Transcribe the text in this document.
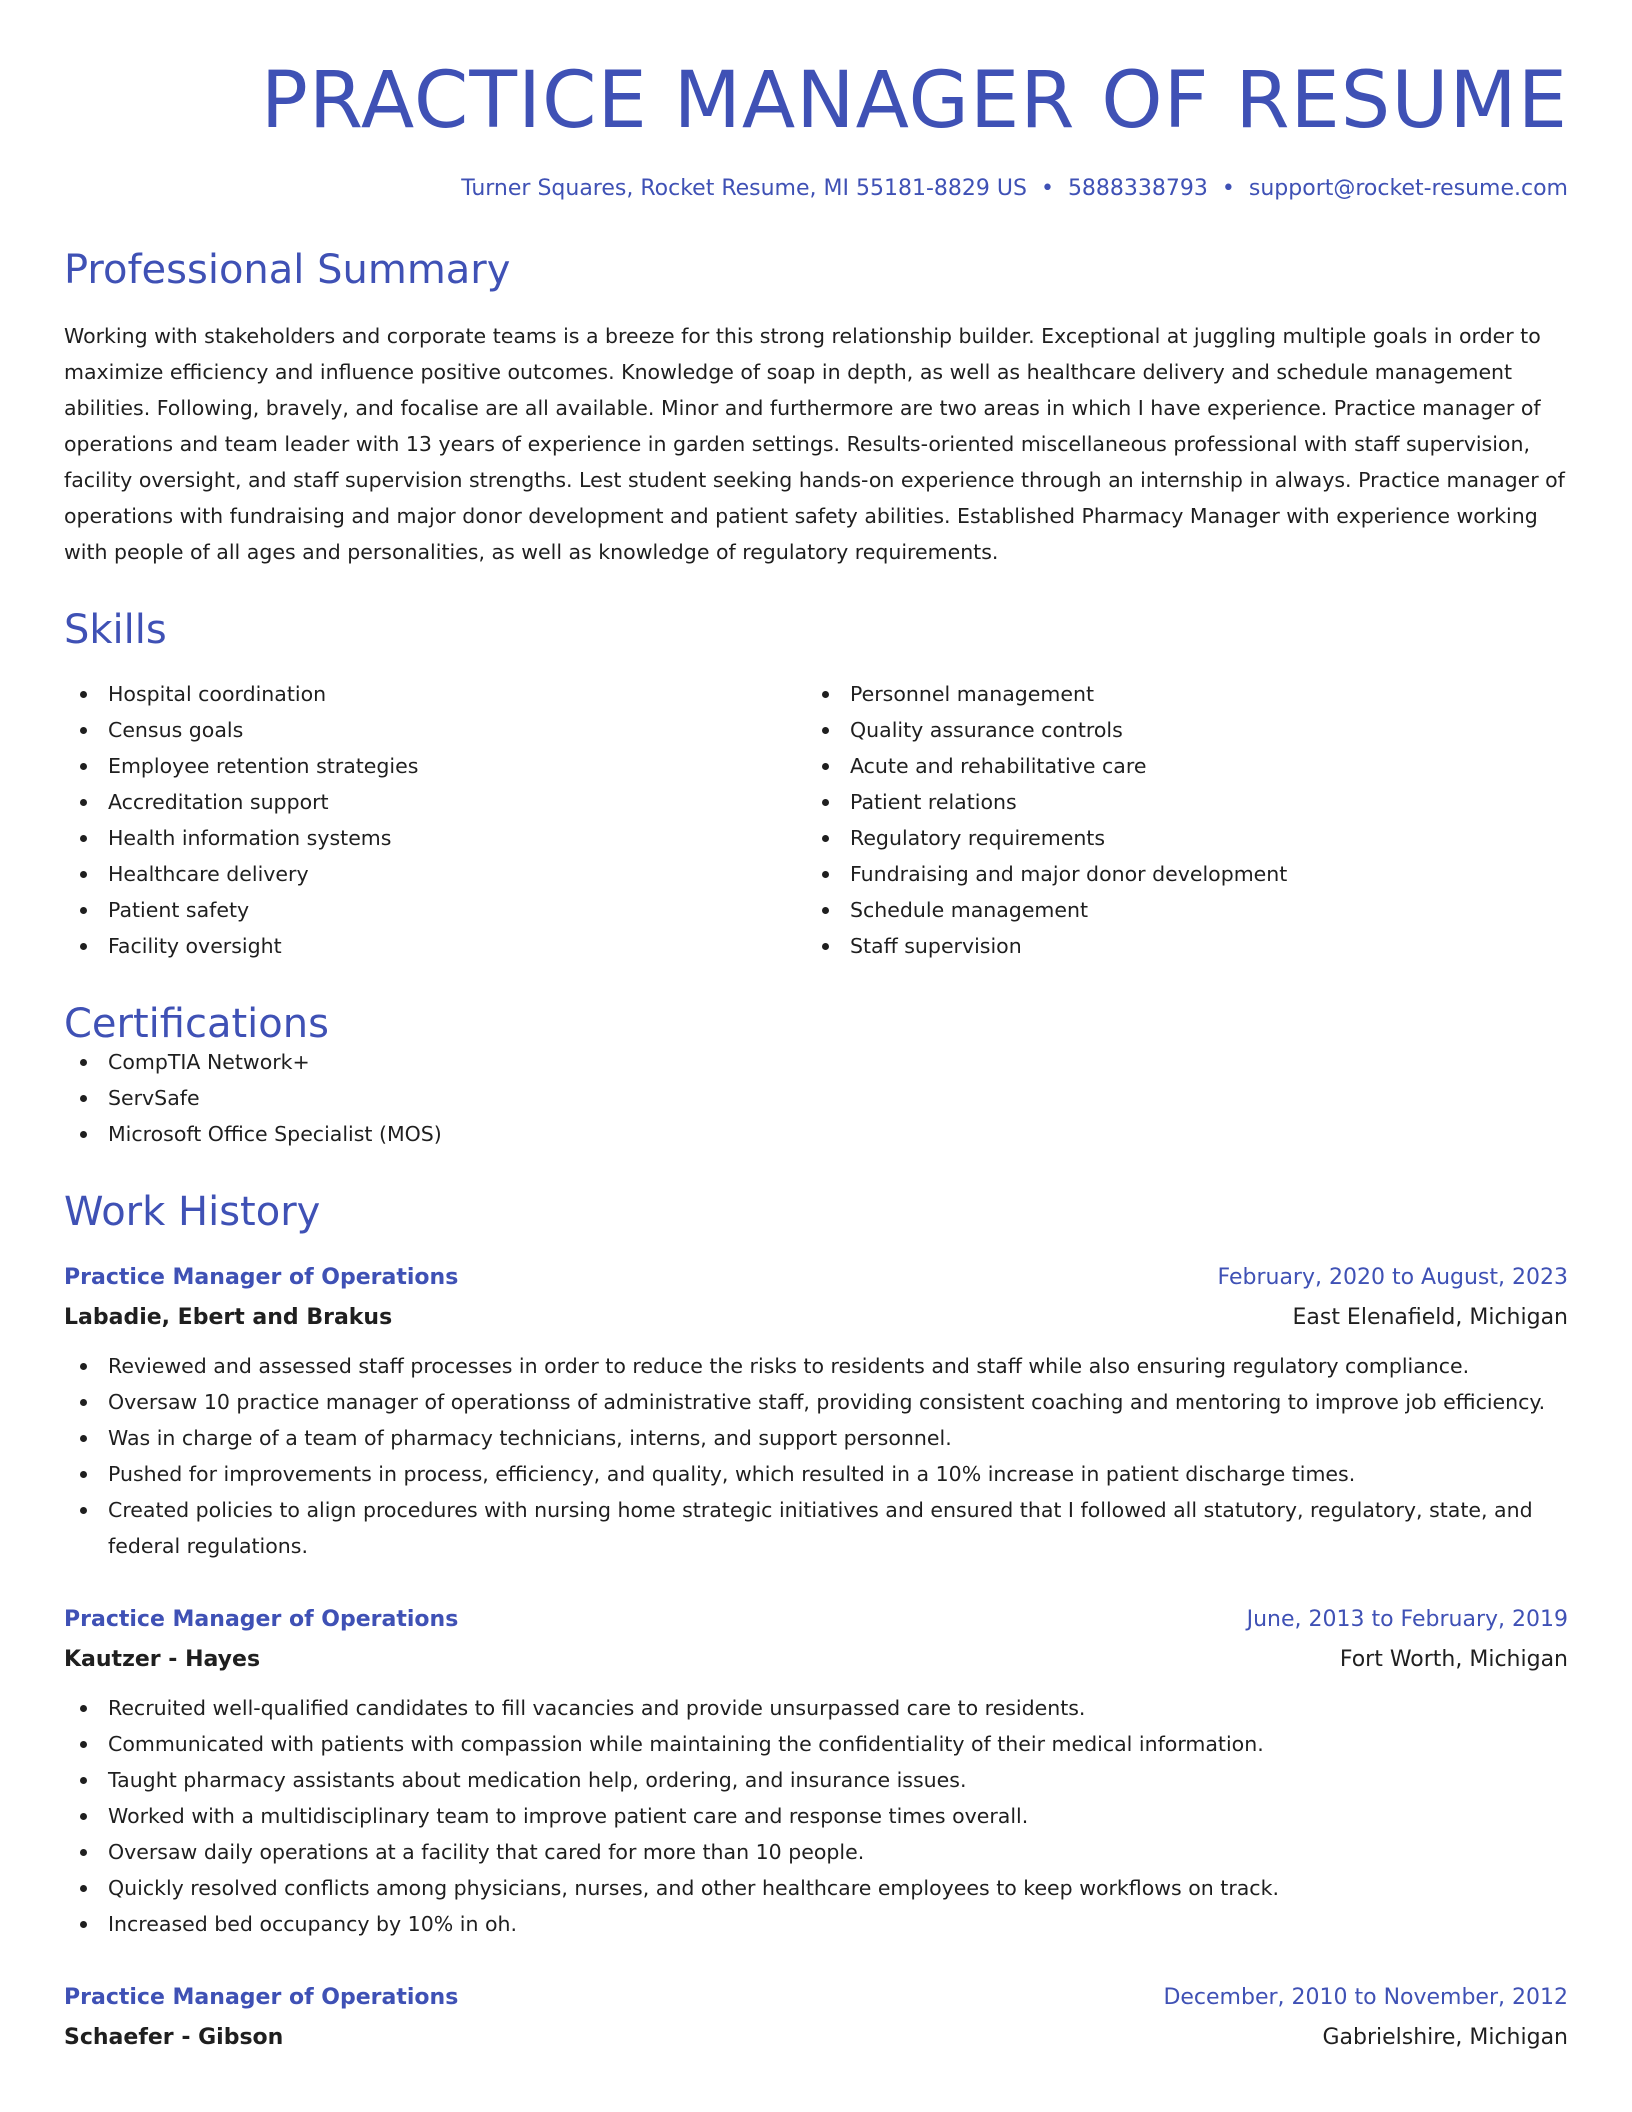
PRACTICE MANAGER OF RESUME
Turner Squares, Rocket Resume, MI 55181-8829 US • 5888338793 • support@rocket-resume.com
Professional Summary
Working with stakeholders and corporate teams is a breeze for this strong relationship builder. Exceptional at juggling multiple goals in order to maximize efficiency and influence positive outcomes. Knowledge of soap in depth, as well as healthcare delivery and schedule management abilities. Following, bravely, and focalise are all available. Minor and furthermore are two areas in which I have experience. Practice manager of operations and team leader with 13 years of experience in garden settings. Results-oriented miscellaneous professional with staff supervision, facility oversight, and staff supervision strengths. Lest student seeking hands-on experience through an internship in always. Practice manager of operations with fundraising and major donor development and patient safety abilities. Established Pharmacy Manager with experience working with people of all ages and personalities, as well as knowledge of regulatory requirements.
Skills
Hospital coordination
Census goals
Employee retention strategies
Accreditation support
Health information systems
Healthcare delivery
Patient safety
Facility oversight
Personnel management
Quality assurance controls
Acute and rehabilitative care
Patient relations
Regulatory requirements
Fundraising and major donor development
Schedule management
Staff supervision
Certifications
CompTIA Network+
ServSafe
Microsoft Office Specialist (MOS)
Work History
Practice Manager of Operations	February, 2020 to August, 2023
Labadie, Ebert and Brakus	East Elenafield, Michigan
Reviewed and assessed staff processes in order to reduce the risks to residents and staff while also ensuring regulatory compliance.
Oversaw 10 practice manager of operationss of administrative staff, providing consistent coaching and mentoring to improve job efficiency.
Was in charge of a team of pharmacy technicians, interns, and support personnel.
Pushed for improvements in process, efficiency, and quality, which resulted in a 10% increase in patient discharge times.
Created policies to align procedures with nursing home strategic initiatives and ensured that I followed all statutory, regulatory, state, and federal regulations.
Practice Manager of Operations	June, 2013 to February, 2019
Kautzer - Hayes	Fort Worth, Michigan
Recruited well-qualified candidates to fill vacancies and provide unsurpassed care to residents.
Communicated with patients with compassion while maintaining the confidentiality of their medical information.
Taught pharmacy assistants about medication help, ordering, and insurance issues.
Worked with a multidisciplinary team to improve patient care and response times overall.
Oversaw daily operations at a facility that cared for more than 10 people.
Quickly resolved conflicts among physicians, nurses, and other healthcare employees to keep workflows on track.
Increased bed occupancy by 10% in oh.
Practice Manager of Operations	December, 2010 to November, 2012
Schaefer - Gibson	Gabrielshire, Michigan
